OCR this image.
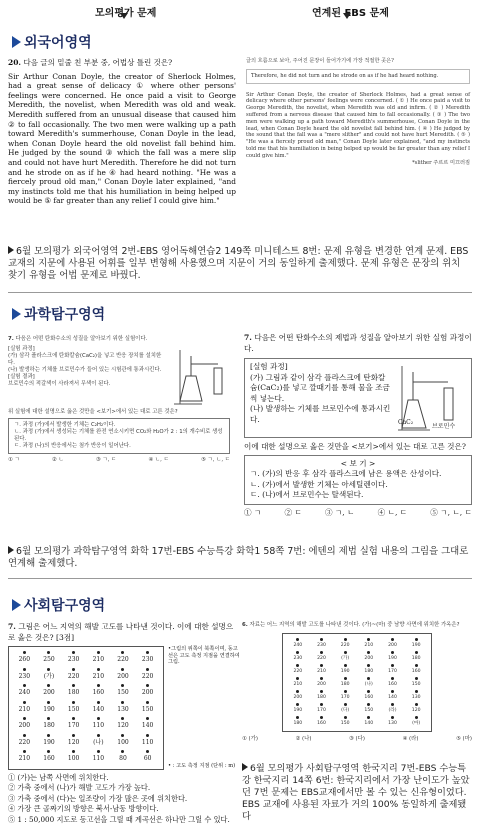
모의평가 문제	연계된 EBS 문제
외국어영역
20. 다음 글의 밑줄 친 부분 중, 어법상 틀린 것은?
Sir Arthur Conan Doyle, the creator of Sherlock Holmes, had a great sense of delicacy ① where other persons' feelings were concerned. He once paid a visit to George Meredith, the novelist, when Meredith was old and weak. Meredith suffered from an unusual disease that caused him ② to fall occasionally. The two men were walking up a path toward Meredith's summerhouse, Conan Doyle in the lead, when Conan Doyle heard the old novelist fall behind him. He judged by the sound ③ which the fall was a mere slip and could not have hurt Meredith. Therefore he did not turn and he strode on as if he ④ had heard nothing. "He was a fiercely proud old man," Conan Doyle later explained, "and my instincts told me that his humiliation in being helped up would be ⑤ far greater than any relief I could give him."
글의 흐름으로 보아, 주어진 문장이 들어가기에 가장 적절한 곳은?
Therefore, he did not turn and he strode on as if he had heard nothing.
Sir Arthur Conan Doyle, the creator of Sherlock Holmes, had a great sense of delicacy where other persons' feelings were concerned. ( ① ) He once paid a visit to George Meredith, the novelist, when Meredith was old and infirm. ( ② ) Meredith suffered from a nervous disease that caused him to fall occasionally. ( ③ ) The two men were walking up a path toward Meredith's summerhouse, Conan Doyle in the lead, when Conan Doyle heard the old novelist fall behind him. ( ④ ) He judged by the sound that the fall was a "mere slither" and could not have hurt Meredith. ( ⑤ ) "He was a fiercely proud old man," Conan Doyle later explained, "and my instincts told me that his humiliation in being helped up would be far greater than any relief I could give him."
*slither 주르르 미끄러짐
6월 모의평가 외국어영역 2번-EBS 영어독해연습2 149쪽 미니테스트 8번: 문제 유형을 변경한 연계 문제. EBS 교재의 지문에 사용된 어휘를 일부 변형해 사용했으며 지문이 거의 동일하게 출제했다. 문제 유형은 문장의 위치 찾기 유형을 어법 문제로 바꿨다.
과학탐구영역
7. 다음은 어떤 탄화수소의 성질을 알아보기 위한 실험이다.
[실험 과정]
(가) 삼각 플라스크에 탄화칼슘(CaC₂)을 넣고 반응 장치를 설치한다.
(나) 발생하는 기체를 브로민수가 들어 있는 시험관에 통과시킨다.
[실험 결과]
브로민수의 적갈색이 사라져서 무색이 된다.
위 실험에 대한 설명으로 옳은 것만을 <보기>에서 있는 대로 고른 것은?
ㄱ. 과정 (가)에서 발생한 기체는 C₂H₂이다.
ㄴ. 과정 (가)에서 생성되는 기체를 완전 연소시키면 CO₂와 H₂O가 2 : 1의 개수비로 생성된다.
ㄷ. 과정 (나)의 반응에서는 첨가 반응이 일어난다.
① ㄱ	② ㄴ	③ ㄱ, ㄷ	④ ㄴ, ㄷ	⑤ ㄱ, ㄴ, ㄷ
7. 다음은 어떤 탄화수소의 제법과 성질을 알아보기 위한 실험 과정이다.
[실험 과정]
(가) 그림과 같이 삼각 플라스크에 탄화칼슘(CaC₂)를 넣고 깔때기를 통해 물을 조금씩 넣는다.
(나) 발생하는 기체를 브로민수에 통과시킨다.	CaC₂
브로민수
이에 대한 설명으로 옳은 것만을 <보기>에서 있는 대로 고른 것은?
< 보 기 >
ㄱ. (가)의 반응 후 삼각 플라스크에 남은 용액은 산성이다.
ㄴ. (가)에서 발생한 기체는 아세틸렌이다.
ㄷ. (나)에서 브로민수는 탈색된다.
① ㄱ	② ㄷ	③ ㄱ, ㄴ	④ ㄴ, ㄷ	⑤ ㄱ, ㄴ, ㄷ
6월 모의평가 과학탐구영역 화학 17번-EBS 수능특강 화학1 58쪽 7번: 에텐의 제법 실험 내용의 그림을 그대로 연계해 출제했다.
사회탐구영역
7. 그림은 어느 지역의 해발 고도를 나타낸 것이다. 이에 대한 설명으로 옳은 것은? [3점]
260	250	230	210	220	230
230	(가)	220	210	200	220
240	200	180	160	150	200
210	190	150	140	130	150
200	180	170	110	120	140
220	190	120	(나)	100	110
210	160	100	110	80	60
•그림의 위쪽이 북쪽이며, 동고선은 고도 측정 지점을 연결하여 그림.
• : 고도 측정 지점 (단위 : m)
① (가)는 남쪽 사면에 위치한다.
② 가축 중에서 (나)가 해발 고도가 가장 높다.
③ 가축 중에서 (다)는 일조량이 가장 많은 곳에 위치한다.
④ 가장 큰 골짜기의 방향은 북서-남동 방향이다.
⑤ 1 : 50,000 지도로 동고선을 그릴 때 계곡선은 하나만 그릴 수 있다.
6. 자료는 어느 지역의 해발 고도를 나타낸 것이다. (가)~(마) 중 남향 사면에 위치한 가옥은?
240	230	220	210	200	190
230	220	(가)	200	190	180
220	210	190	180	170	160
210	200	180	(나)	160	150
200	180	170	160	140	130
190	170	(다)	150	(라)	120
180	160	150	140	130	(마)
① (가)	② (나)	③ (다)	④ (라)	⑤ (마)
6월 모의평가 사회탐구영역 한국지리 7번-EBS 수능특강 한국지리 14쪽 6번: 한국지리에서 가장 난이도가 높았던 7번 문제는 EBS교재에서만 볼 수 있는 신유형이었다. EBS 교재에 사용된 자료가 거의 100% 동일하게 출제됐다
